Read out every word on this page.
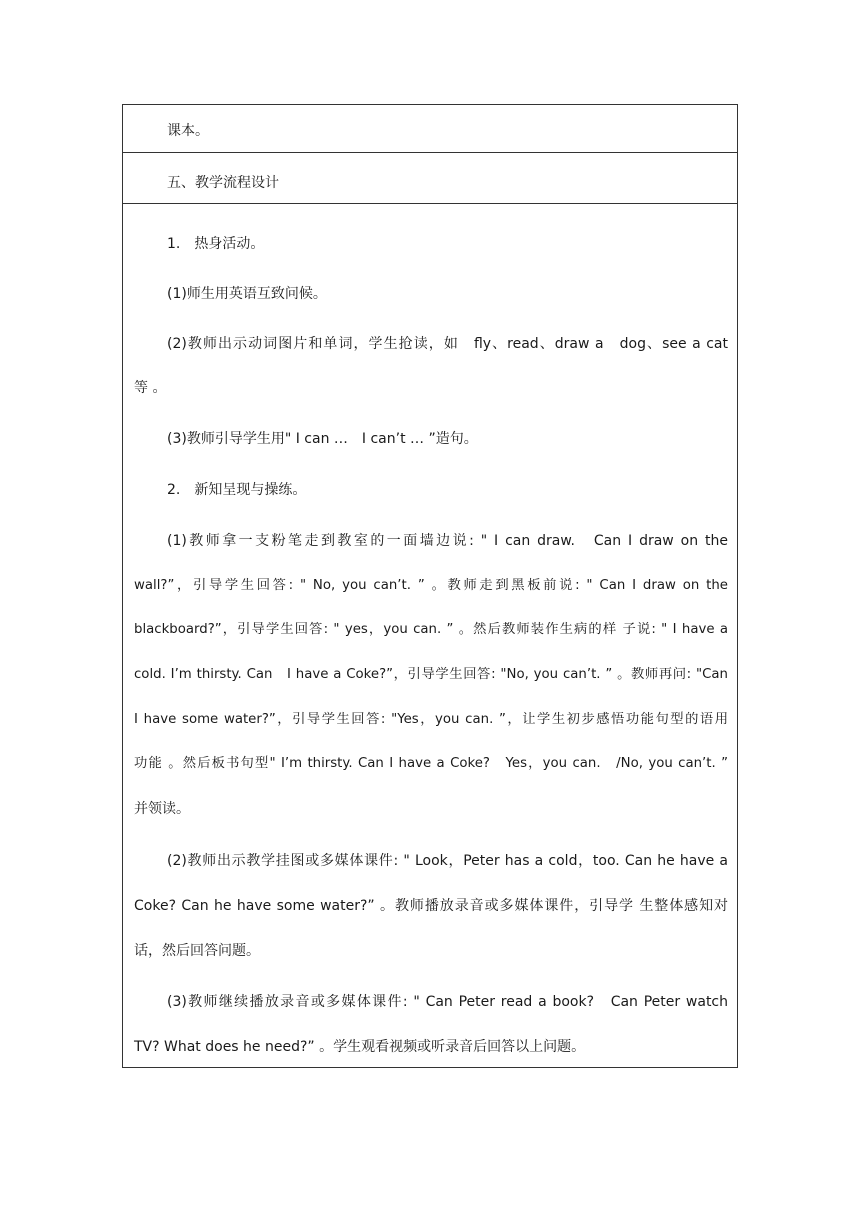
课本。
五、教学流程设计
1.　热身活动。
(1)师生用英语互致问候。
(2)教师出示动词图片和单词，学生抢读，如　fly、read、draw a　dog、see a cat
等 。
(3)教师引导学生用" I can …　I can’t … ”造句。
2.　新知呈现与操练。
(1)教师拿一支粉笔走到教室的一面墙边说: " I can draw.　Can I draw on the
wall?”，引导学生回答: " No, you can’t. ” 。教师走到黑板前说: " Can I draw on the
blackboard?”，引导学生回答: " yes，you can. ” 。然后教师装作生病的样 子说: " I have a
cold. I’m thirsty. Can　I have a Coke?”，引导学生回答: "No, you can’t. ” 。教师再问: "Can
I have some water?”，引导学生回答: "Yes，you can. ”，让学生初步感悟功能句型的语用
功能 。然后板书句型" I’m thirsty. Can I have a Coke?　Yes，you can.　/No, you can’t. ”
并领读。
(2)教师出示教学挂图或多媒体课件: " Look，Peter has a cold，too. Can he have a
Coke? Can he have some water?” 。教师播放录音或多媒体课件，引导学 生整体感知对
话，然后回答问题。
(3)教师继续播放录音或多媒体课件: " Can Peter read a book?　Can Peter watch
TV? What does he need?” 。学生观看视频或听录音后回答以上问题。
